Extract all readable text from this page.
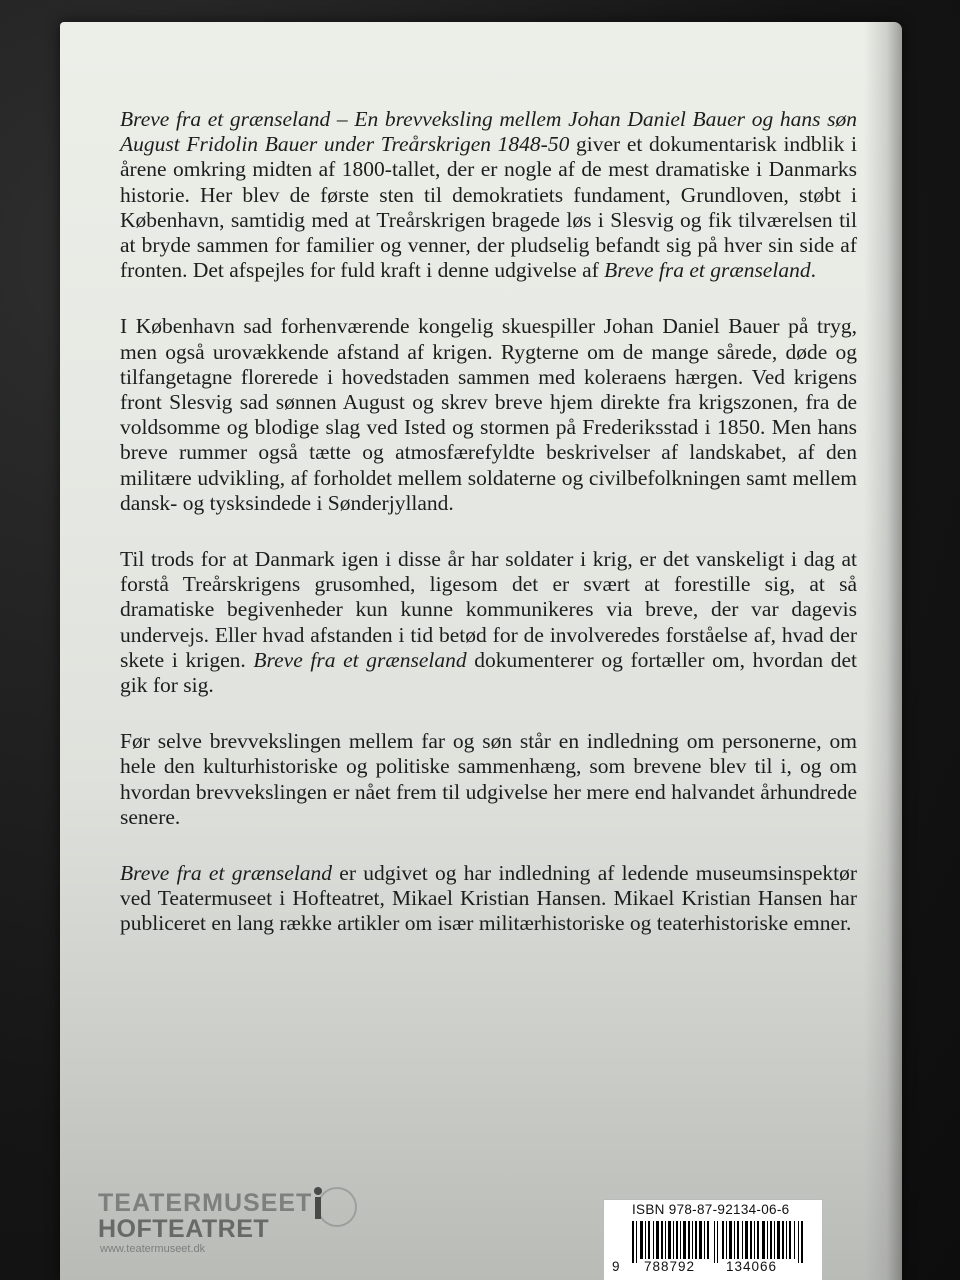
Breve fra et grænseland – En brevveksling mellem Johan Daniel Bauer og hans søn August Fridolin Bauer under Treårskrigen 1848-50 giver et dokumentarisk indblik i årene omkring midten af 1800-tallet, der er nogle af de mest dramatiske i Danmarks historie. Her blev de første sten til demokratiets fundament, Grundloven, støbt i København, samtidig med at Treårskrigen bragede løs i Slesvig og fik tilværelsen til at bryde sammen for familier og venner, der pludselig befandt sig på hver sin side af fronten. Det afspejles for fuld kraft i denne udgivelse af Breve fra et grænseland.

I København sad forhenværende kongelig skuespiller Johan Daniel Bauer på tryg, men også urovækkende afstand af krigen. Rygterne om de mange sårede, døde og tilfangetagne florerede i hovedstaden sammen med koleraens hærgen. Ved krigens front Slesvig sad sønnen August og skrev breve hjem direkte fra krigszonen, fra de voldsomme og blodige slag ved Isted og stormen på Frederiksstad i 1850. Men hans breve rummer også tætte og atmosfærefyldte beskrivelser af landskabet, af den militære udvikling, af forholdet mellem soldaterne og civilbefolkningen samt mellem dansk- og tysksindede i Sønderjylland.

Til trods for at Danmark igen i disse år har soldater i krig, er det vanskeligt i dag at forstå Treårskrigens grusomhed, ligesom det er svært at forestille sig, at så dramatiske begivenheder kun kunne kommunikeres via breve, der var dagevis undervejs. Eller hvad afstanden i tid betød for de involveredes forståelse af, hvad der skete i krigen. Breve fra et grænseland dokumenterer og fortæller om, hvordan det gik for sig.

Før selve brevvekslingen mellem far og søn står en indledning om personerne, om hele den kulturhistoriske og politiske sammenhæng, som brevene blev til i, og om hvordan brevvekslingen er nået frem til udgivelse her mere end halvandet århundrede senere.

Breve fra et grænseland er udgivet og har indledning af ledende museumsinspektør ved Teatermuseet i Hofteatret, Mikael Kristian Hansen. Mikael Kristian Hansen har publiceret en lang række artikler om især militærhistoriske og teaterhistoriske emner.

TEATERMUSEET
HOFTEATRET
www.teatermuseet.dk
ISBN 978-87-92134-06-6
9 788792 134066
